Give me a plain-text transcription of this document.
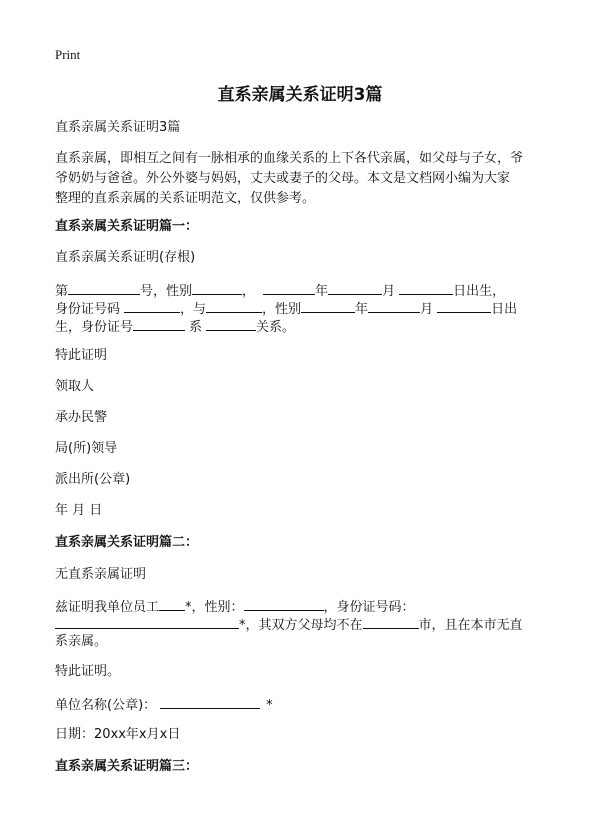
Print
直系亲属关系证明3篇
直系亲属关系证明3篇
直系亲属，即相互之间有一脉相承的血缘关系的上下各代亲属，如父母与子女，爷
爷奶奶与爸爸。外公外婆与妈妈，丈夫或妻子的父母。本文是文档网小编为大家
整理的直系亲属的关系证明范文，仅供参考。
直系亲属关系证明篇一：
直系亲属关系证明(存根)
第	号，性别	，	年	月	日出生，
身份证号码	，与	，性别	年	月	日出
生，身份证号	系	关系。
特此证明
领取人
承办民警
局(所)领导
派出所(公章)
年 月 日
直系亲属关系证明篇二：
无直系亲属证明
兹证明我单位员工 *，性别：	，身份证号码：
*，其双方父母均不在	市，且在本市无直
系亲属。
特此证明。
单位名称(公章)：	*
日期：20xx年x月x日
直系亲属关系证明篇三：
